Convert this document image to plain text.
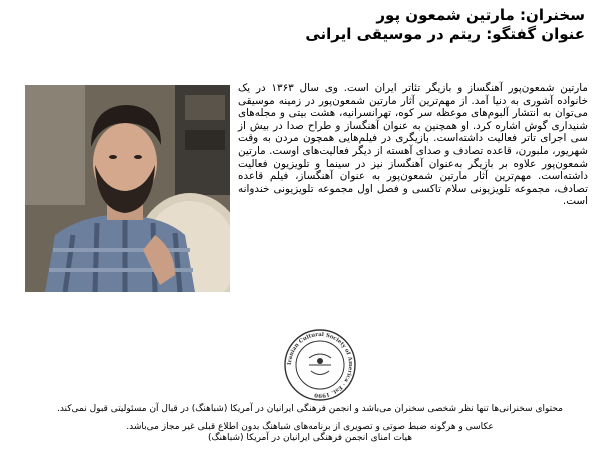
سخنران: مارتین شمعون پور
عنوان گفتگو: ریتم در موسیقی ایرانی
مارتین شمعون‌پور آهنگساز و بازیگر تئاتر ایران است. وی سال ۱۳۶۳ در یک خانواده آشوری به دنیا آمد. از مهم‌ترین آثار مارتین شمعون‌پور در زمینه موسیقی می‌توان به انتشار آلبوم‌های موعظه سر کوه، تهرانسرانیه، هشت بیتی و مجله‌های شنیداری گوش اشاره کرد. او همچنین به عنوان آهنگساز و طراح صدا در بیش از سی اجرای تاتر فعالیت داشته‌است. بازیگری در فیلم‌هایی همچون مردن به وقت شهریور، ملبورن، قاعده تصادف و صدای آهسته از دیگر فعالیت‌های اوست. مارتین شمعون‌پور علاوه بر بازیگر به‌عنوان آهنگساز نیز در سینما و تلویزیون فعالیت داشته‌است. مهم‌ترین آثار مارتین شمعون‌پور به عنوان آهنگساز، فیلم قاعده تصادف، مجموعه تلویزیونی سلام تاکسی و فصل اول مجموعه تلویزیونی خندوانه است.
Iranian Cultural Society of America · Est. 1990

محتوای سخنرانی‌ها تنها نظر شخصی سخنران می‌باشد و انجمن فرهنگی ایرانیان در آمریکا (شباهنگ) در قبال آن مسئولیتی قبول نمی‌کند.

عکاسی و هرگونه ضبط صوتی و تصویری از برنامه‌های شباهنگ بدون اطلاع قبلی غیر مجاز می‌باشد.

هیات امنای انجمن فرهنگی ایرانیان در آمریکا (شباهنگ)
